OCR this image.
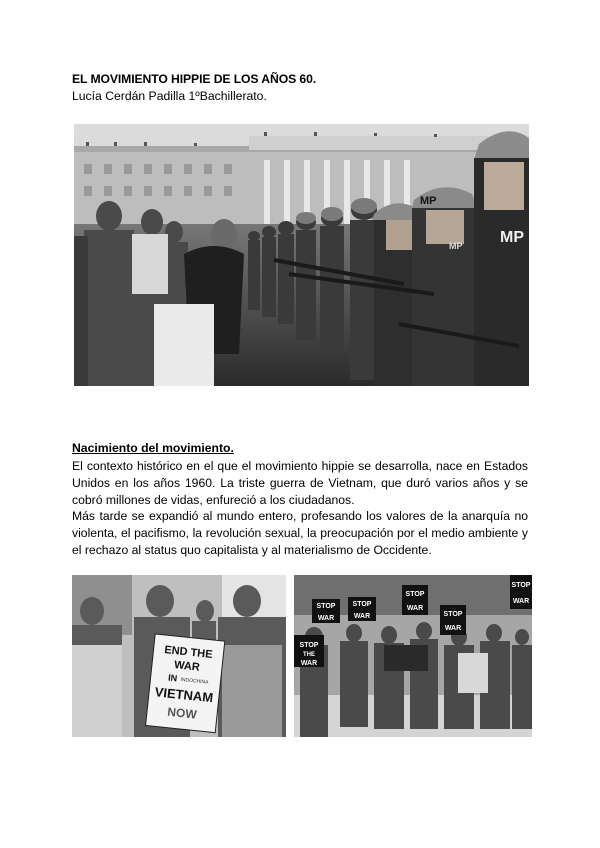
EL MOVIMIENTO HIPPIE DE LOS AÑOS 60.
Lucía Cerdán Padilla 1ºBachillerato.
MP
MP
MP
Nacimiento del movimiento.
El contexto histórico en el que el movimiento hippie se desarrolla, nace en Estados Unidos en los años 1960. La triste guerra de Vietnam, que duró varios años y se cobró millones de vidas, enfureció a los ciudadanos.
Más tarde se expandió al mundo entero, profesando los valores de la anarquía no violenta, el pacifismo, la revolución sexual, la preocupación por el medio ambiente y el rechazo al status quo capitalista y al materialismo de Occidente.
END THE
WAR
IN INDOCHINA
VIETNAM
NOW
STOP
WAR
STOP
WAR
STOP
WAR
STOP
WAR
STOP
WAR
STOP
THE
WAR
